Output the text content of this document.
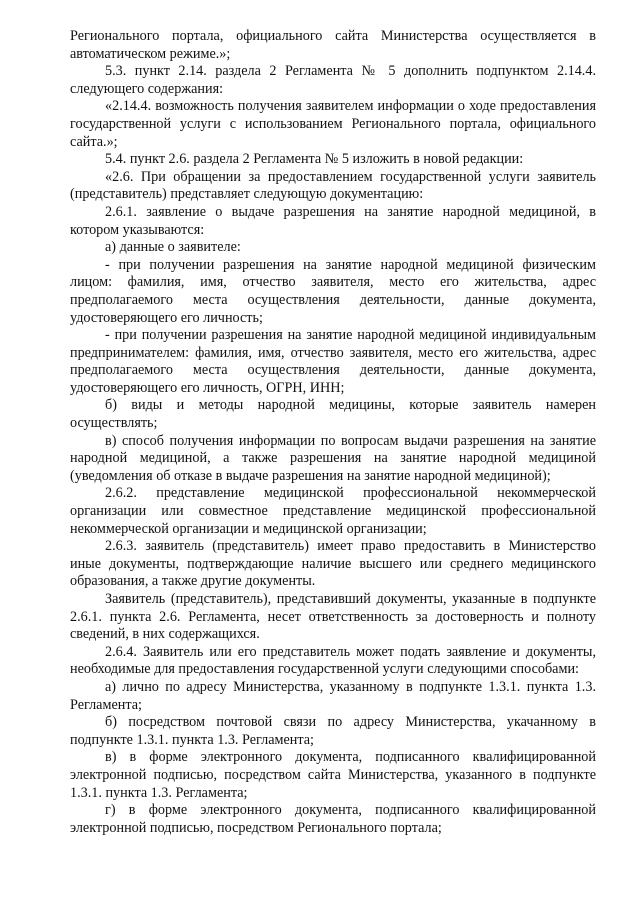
Регионального портала, официального сайта Министерства осуществляется в автоматическом режиме.»;

5.3. пункт 2.14. раздела 2 Регламента № 5 дополнить подпунктом 2.14.4. следующего содержания:

«2.14.4. возможность получения заявителем информации о ходе предоставления государственной услуги с использованием Регионального портала, официального сайта.»;

5.4. пункт 2.6. раздела 2 Регламента № 5 изложить в новой редакции:

«2.6. При обращении за предоставлением государственной услуги заявитель (представитель) представляет следующую документацию:

2.6.1. заявление о выдаче разрешения на занятие народной медициной, в котором указываются:

а) данные о заявителе:

- при получении разрешения на занятие народной медициной физическим лицом: фамилия, имя, отчество заявителя, место его жительства, адрес предполагаемого места осуществления деятельности, данные документа, удостоверяющего его личность;

- при получении разрешения на занятие народной медициной индивидуальным предпринимателем: фамилия, имя, отчество заявителя, место его жительства, адрес предполагаемого места осуществления деятельности, данные документа, удостоверяющего его личность, ОГРН, ИНН;

б) виды и методы народной медицины, которые заявитель намерен осуществлять;

в) способ получения информации по вопросам выдачи разрешения на занятие народной медициной, а также разрешения на занятие народной медициной (уведомления об отказе в выдаче разрешения на занятие народной медициной);

2.6.2. представление медицинской профессиональной некоммерческой организации или совместное представление медицинской профессиональной некоммерческой организации и медицинской организации;

2.6.3. заявитель (представитель) имеет право предоставить в Министерство иные документы, подтверждающие наличие высшего или среднего медицинского образования, а также другие документы.

Заявитель (представитель), представивший документы, указанные в подпункте 2.6.1. пункта 2.6. Регламента, несет ответственность за достоверность и полноту сведений, в них содержащихся.

2.6.4. Заявитель или его представитель может подать заявление и документы, необходимые для предоставления государственной услуги следующими способами:

а) лично по адресу Министерства, указанному в подпункте 1.3.1. пункта 1.3. Регламента;

б) посредством почтовой связи по адресу Министерства, укачанному в подпункте 1.3.1. пункта 1.3. Регламента;

в) в форме электронного документа, подписанного квалифицированной электронной подписью, посредством сайта Министерства, указанного в подпункте 1.3.1. пункта 1.3. Регламента;

г) в форме электронного документа, подписанного квалифицированной электронной подписью, посредством Регионального портала;
